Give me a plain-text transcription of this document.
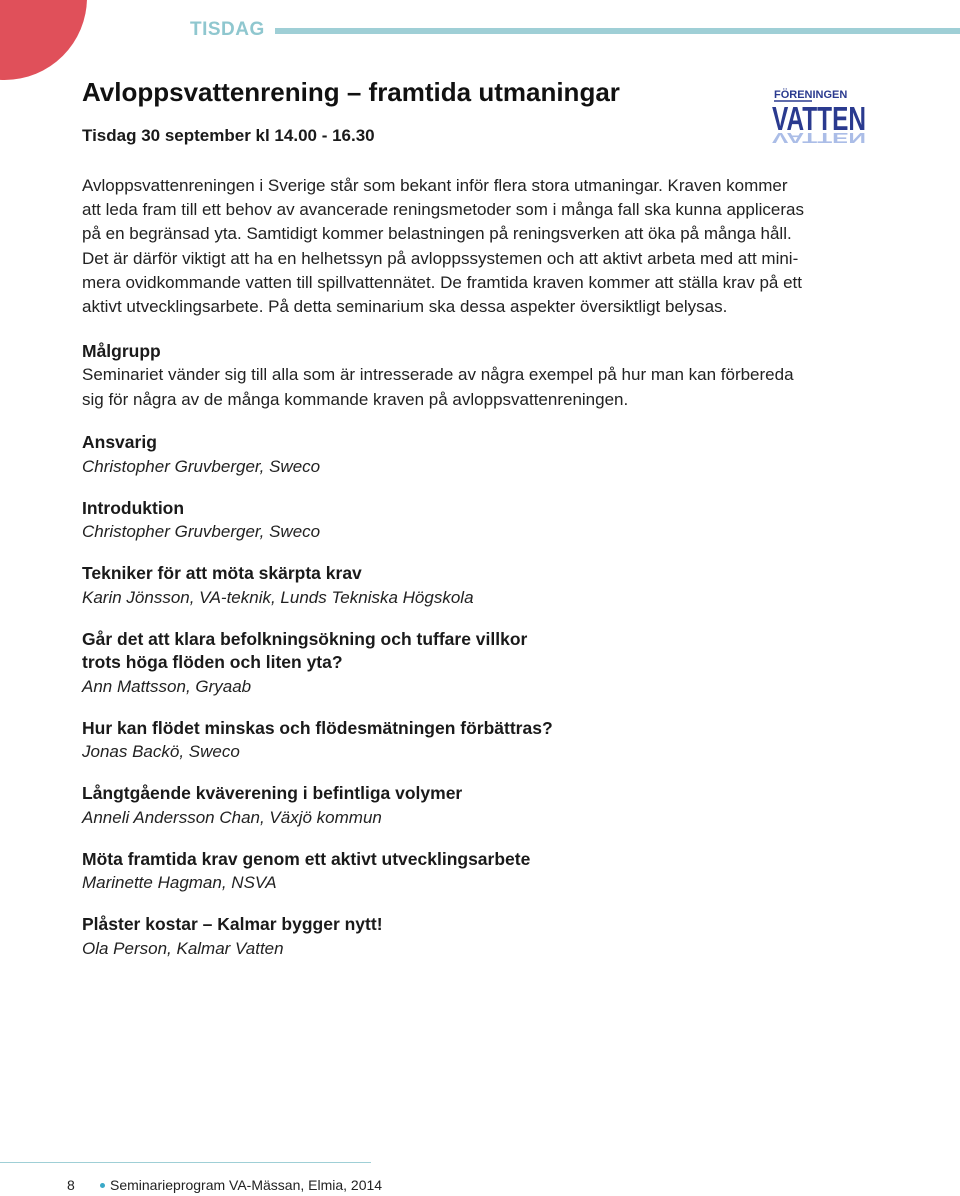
TISDAG
FÖRENINGEN
VATTEN
VATTEN
Avloppsvattenrening – framtida utmaningar

Tisdag 30 september kl 14.00 - 16.30

Avloppsvattenreningen i Sverige står som bekant inför flera stora utmaningar. Kraven kommer
att leda fram till ett behov av avancerade reningsmetoder som i många fall ska kunna appliceras
på en begränsad yta. Samtidigt kommer belastningen på reningsverken att öka på många håll.
Det är därför viktigt att ha en helhetssyn på avloppssystemen och att aktivt arbeta med att mini-
mera ovidkommande vatten till spillvattennätet. De framtida kraven kommer att ställa krav på ett
aktivt utvecklingsarbete. På detta seminarium ska dessa aspekter översiktligt belysas.

Målgrupp

Seminariet vänder sig till alla som är intresserade av några exempel på hur man kan förbereda
sig för några av de många kommande kraven på avloppsvattenreningen.

Ansvarig

Christopher Gruvberger, Sweco

Introduktion

Christopher Gruvberger, Sweco

Tekniker för att möta skärpta krav

Karin Jönsson, VA-teknik, Lunds Tekniska Högskola

Går det att klara befolkningsökning och tuffare villkor

trots höga flöden och liten yta?

Ann Mattsson, Gryaab

Hur kan flödet minskas och flödesmätningen förbättras?

Jonas Backö, Sweco

Långtgående kväverening i befintliga volymer

Anneli Andersson Chan, Växjö kommun

Möta framtida krav genom ett aktivt utvecklingsarbete

Marinette Hagman, NSVA

Plåster kostar – Kalmar bygger nytt!

Ola Person, Kalmar Vatten

8	Seminarieprogram VA-Mässan, Elmia, 2014
